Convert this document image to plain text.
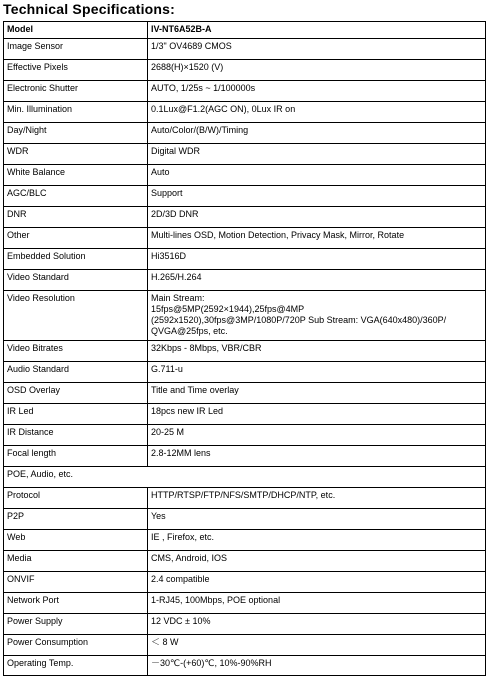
Technical Specifications:
Model	IV-NT6A52B-A
Image Sensor	1/3" OV4689 CMOS
Effective Pixels	2688(H)×1520 (V)
Electronic Shutter	AUTO, 1/25s ~ 1/100000s
Min. Illumination	0.1Lux@F1.2(AGC ON), 0Lux IR on
Day/Night	Auto/Color/(B/W)/Timing
WDR	Digital WDR
White Balance	Auto
AGC/BLC	Support
DNR	2D/3D DNR
Other	Multi-lines OSD, Motion Detection, Privacy Mask, Mirror, Rotate
Embedded Solution	Hi3516D
Video Standard	H.265/H.264
Video Resolution	Main Stream:
15fps@5MP(2592×1944),25fps@4MP
(2592x1520),30fps@3MP/1080P/720P Sub Stream: VGA(640x480)/360P/
QVGA@25fps, etc.
Video Bitrates	32Kbps - 8Mbps, VBR/CBR
Audio Standard	G.711-u
OSD Overlay	Title and Time overlay
IR Led	18pcs new IR Led
IR Distance	20-25 M
Focal length	2.8-12MM lens
POE, Audio, etc.	
Protocol	HTTP/RTSP/FTP/NFS/SMTP/DHCP/NTP, etc.
P2P	Yes
Web	IE , Firefox, etc.
Media	CMS, Android, IOS
ONVIF	2.4 compatible
Network Port	1-RJ45, 100Mbps, POE optional
Power Supply	12 VDC ± 10%
Power Consumption	＜ 8 W
Operating Temp.	－30℃-(+60)℃, 10%-90%RH
